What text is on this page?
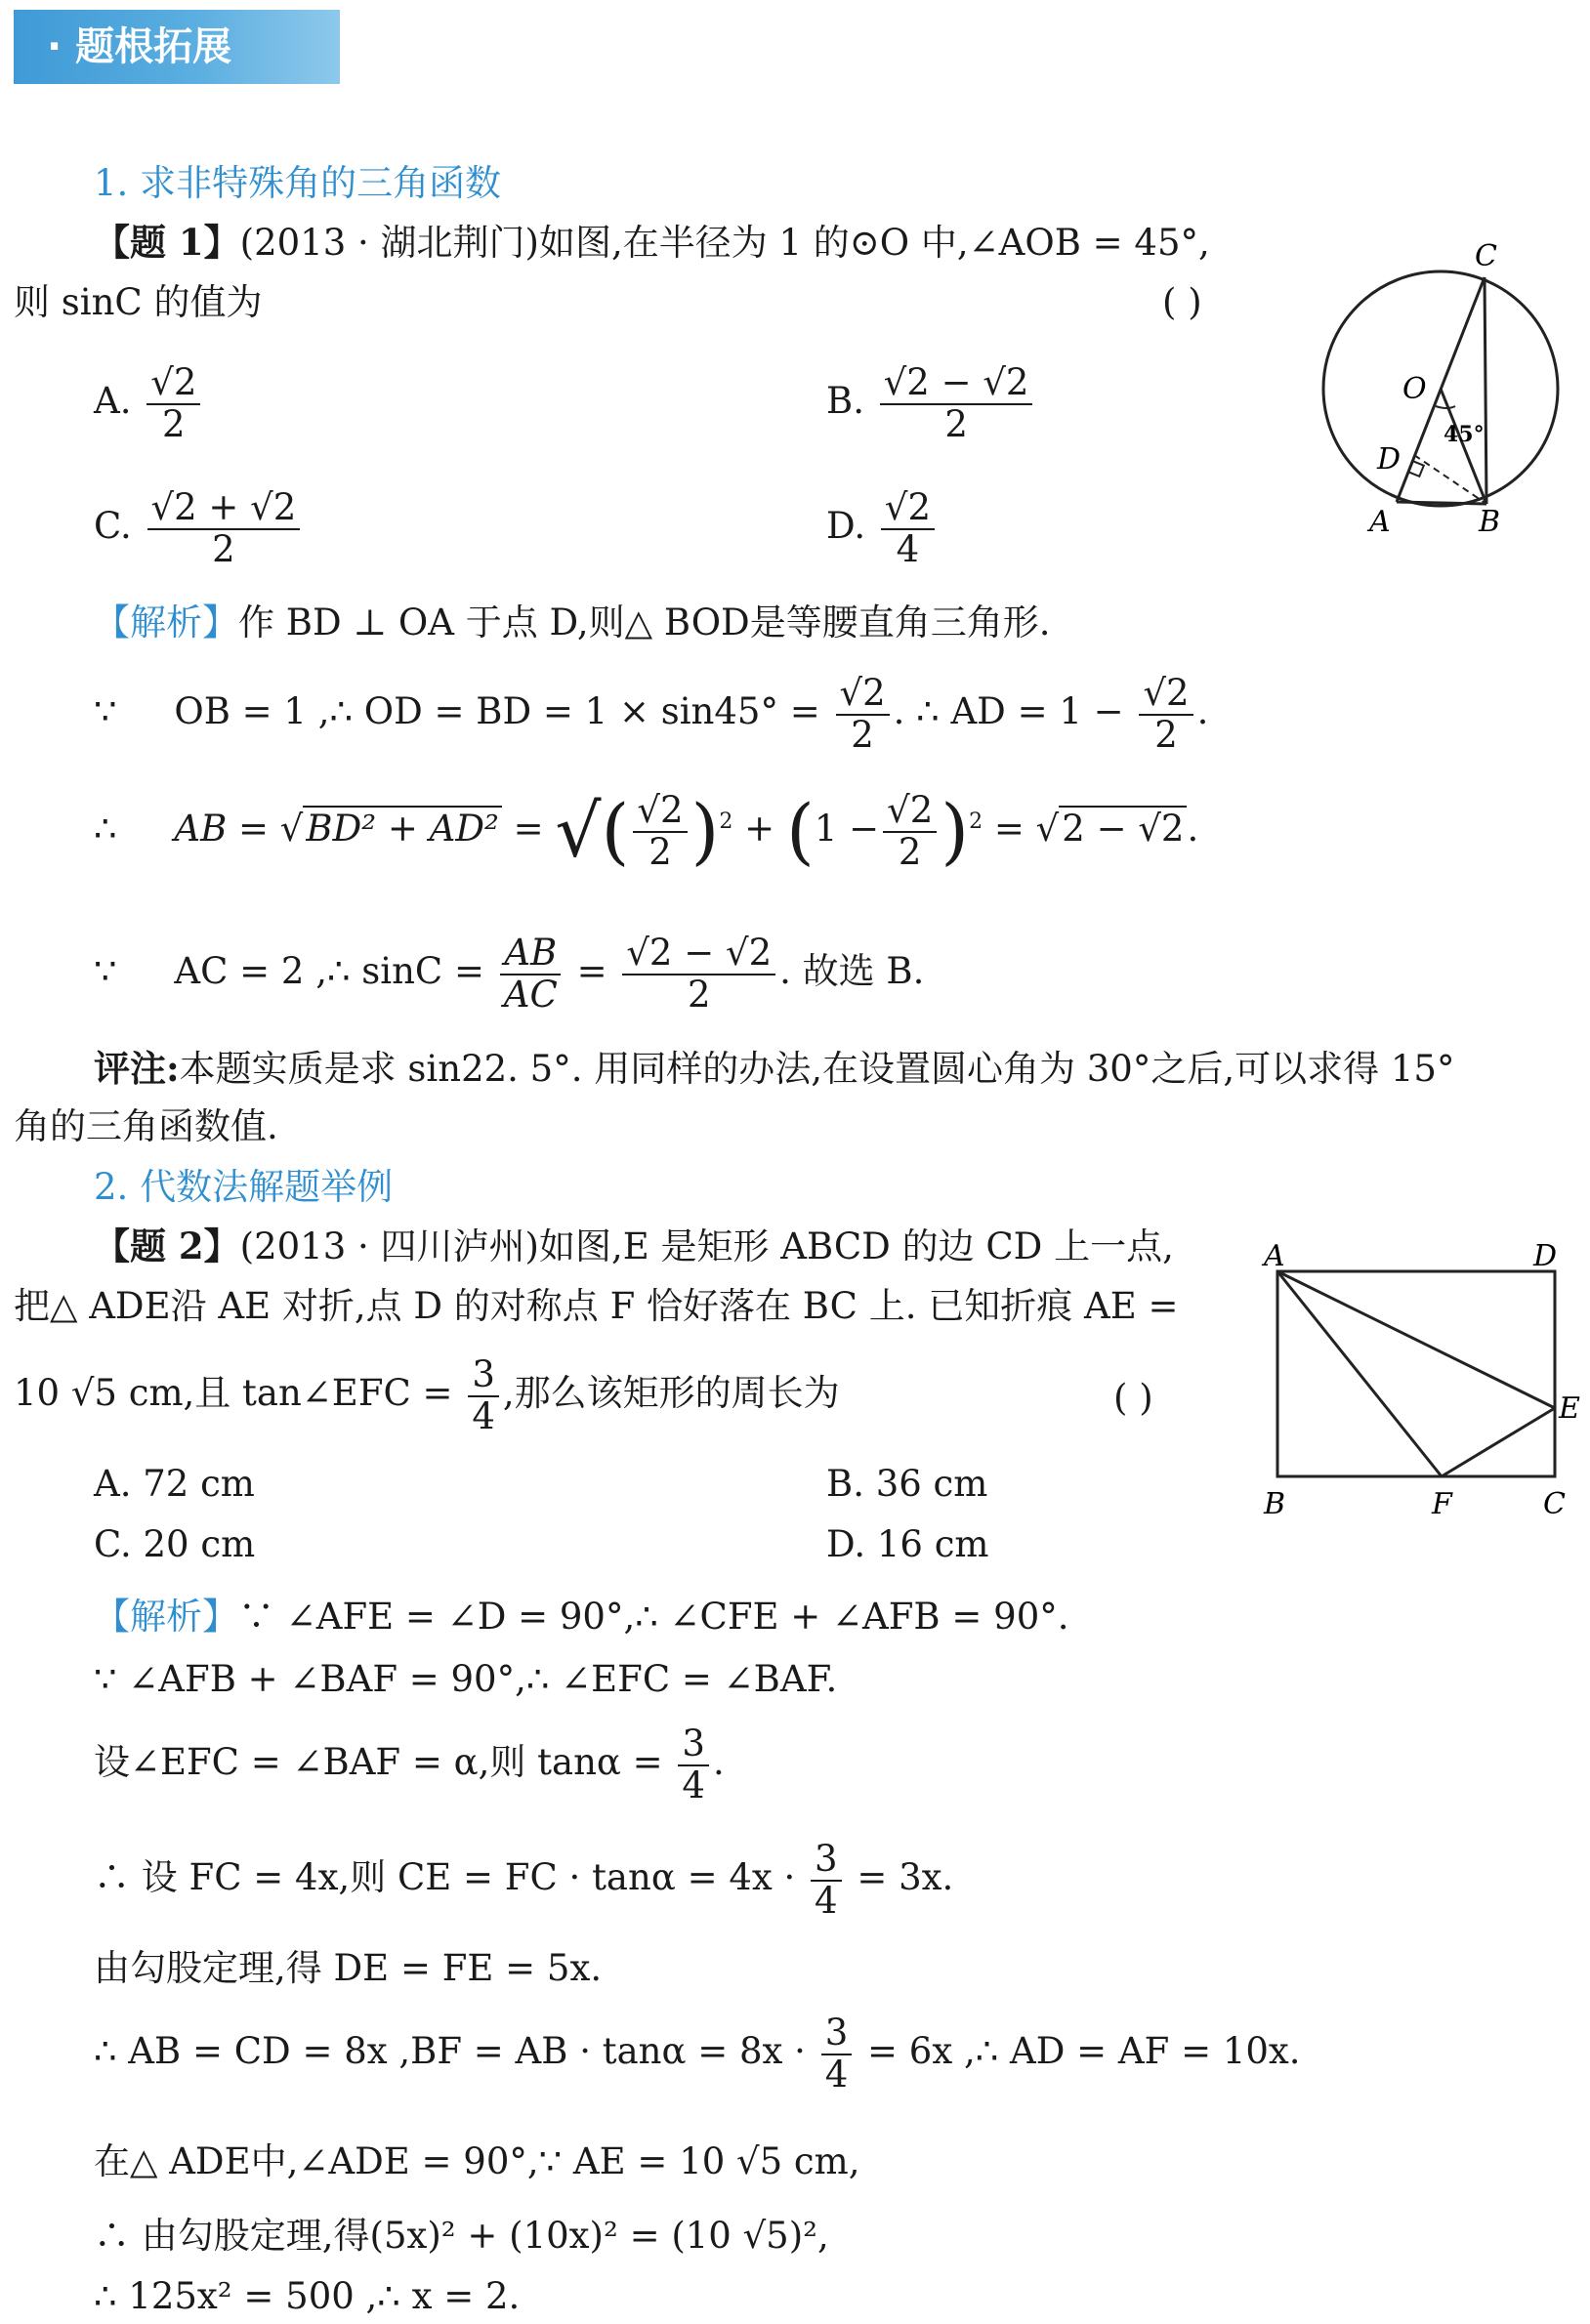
· 题根拓展
1. 求非特殊角的三角函数
【题 1】(2013 · 湖北荆门)如图,在半径为 1 的⊙O 中,∠AOB = 45°,
则 sinC 的值为	( )
A. $\frac{√2}{2}$	B. $\frac{√2 - √2}{2}$
C. $\frac{√2 + √2}{2}$	D. $\frac{√2}{4}$
C
O
45°
D
A	B
【解析】作 BD ⊥ OA 于点 D,则△ BOD是等腰直角三角形.
∵ OB = 1 ,∴ OD = BD = $1 \times \sin 45^\circ = \frac{√2}{2}$ . ∴ AD = $1 - \frac{√2}{2}$ .
∴ AB = √BD² + AD² = √( $\frac{√2}{2} )^2 + (1 - \frac{√2}{2} )^2 = √2 - √2$.
∵ AC = 2 ,∴ $\sin C = \frac{AB}{AC} = \frac{√2 - √2}{2}$ . 故选 B.
评注:本题实质是求 sin22. 5°. 用同样的办法,在设置圆心角为 30°之后,可以求得 15°
角的三角函数值.
2. 代数法解题举例
【题 2】(2013 · 四川泸州)如图,E 是矩形 ABCD 的边 CD 上一点,
把△ ADE沿 AE 对折,点 D 的对称点 F 恰好落在 BC 上. 已知折痕 AE =
10 √5 cm,且 tan∠EFC = $\frac{3}{4}$ ,那么该矩形的周长为	( )
A. 72 cm	B. 36 cm
C. 20 cm	D. 16 cm
A	D
E
B	F	C
【解析】∵ ∠AFE = ∠D = 90°,∴ ∠CFE + ∠AFB = 90°.
∵ ∠AFB + ∠BAF = 90°,∴ ∠EFC = ∠BAF.
设∠EFC = ∠BAF = α,则 $\tan\alpha = \frac{3}{4}$ .
∴ 设 FC = 4x,则 CE = FC · $\tan\alpha = 4x \cdot \frac{3}{4} = 3x$.
由勾股定理,得 DE = FE = 5x.
∴ AB = CD = 8x ,BF = AB · $\tan\alpha = 8x \cdot \frac{3}{4} = 6x$ ,∴ AD = AF = 10x.
在△ ADE中,∠ADE = 90°,∵ AE = 10 √5 cm,
∴ 由勾股定理,得(5x)² + (10x)² = (10 √5)²,
∴ 125x² = 500 ,∴ x = 2.
